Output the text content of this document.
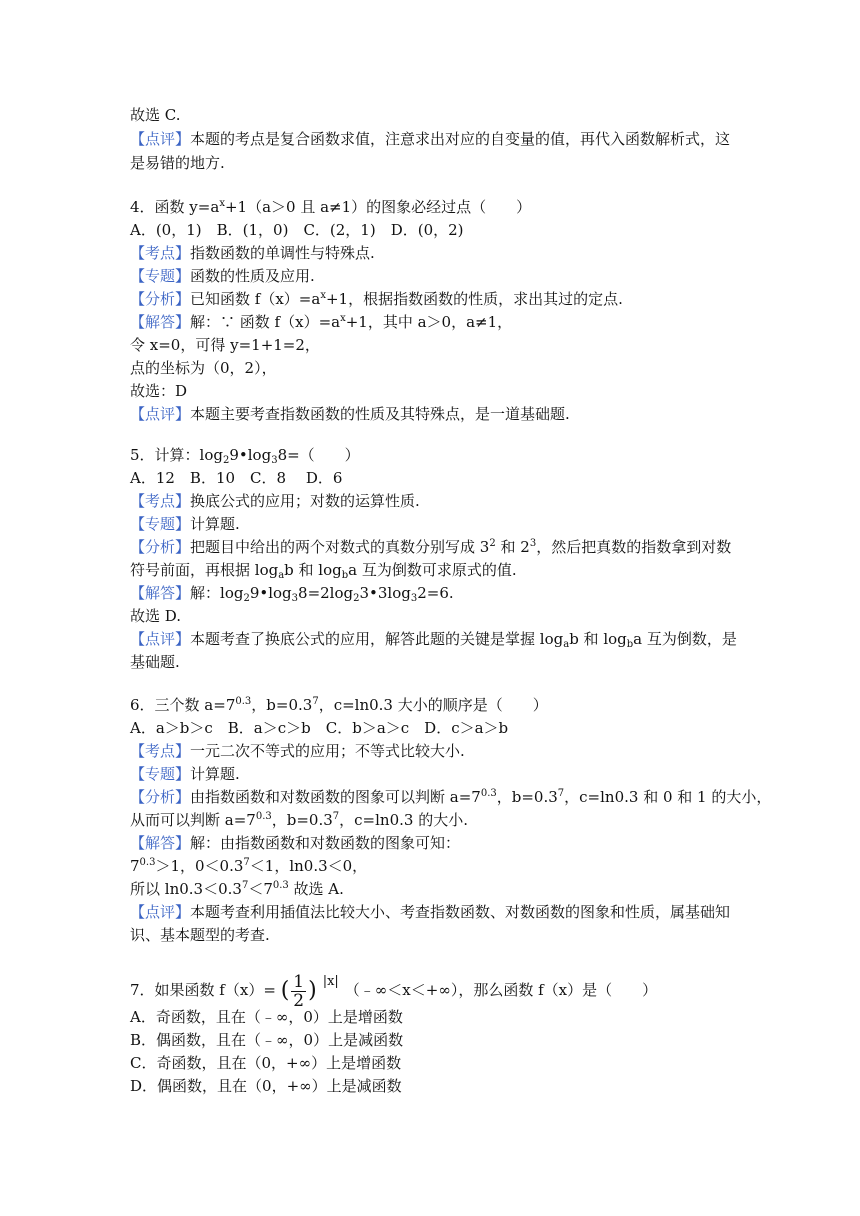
故选 C.
【点评】本题的考点是复合函数求值，注意求出对应的自变量的值，再代入函数解析式，这
是易错的地方.
4．函数 $y=a^x+1(a>0$ 且 a≠1）的图象必经过点（　　）
A．(0，1)　B．(1，0)　C．(2，1)　D．(0，2)
【考点】指数函数的单调性与特殊点.
【专题】函数的性质及应用.
【分析】已知函数 $f(x)=a^x+1$，根据指数函数的性质，求出其过的定点.
【解答】解：∵ 函数 $f(x)=a^x+1$，其中 a＞0，a≠1，
令 x=0，可得 y=1+1=2，
点的坐标为（0，2），
故选：D
【点评】本题主要考查指数函数的性质及其特殊点，是一道基础题.
5．计算：$\log_29•\log_38=$（　　）
A．12　B．10　C．8　 D．6
【考点】换底公式的应用；对数的运算性质.
【专题】计算题.
【分析】把题目中给出的两个对数式的真数分别写成 $3^2$ 和 $2^3$，然后把真数的指数拿到对数
符号前面，再根据 $\log_ab$ 和 $\log_ba$ 互为倒数可求原式的值.
【解答】解：$\log_29•\log_38=2\log_23•3\log_32=6$.
故选 D.
【点评】本题考查了换底公式的应用，解答此题的关键是掌握 $\log_ab$ 和 $\log_ba$ 互为倒数，是
基础题.
6．三个数 $a=7^{0.3}$，$b=0.3^7$，c=ln0.3 大小的顺序是（　　）
A．a＞b＞c　B．a＞c＞b　C．b＞a＞c　D．c＞a＞b
【考点】一元二次不等式的应用；不等式比较大小.
【专题】计算题.
【分析】由指数函数和对数函数的图象可以判断 $a=7^{0.3}$，$b=0.3^7$，c=ln0.3 和 0 和 1 的大小，
从而可以判断 $a=7^{0.3}$，$b=0.3^7$，c=ln0.3 的大小.
【解答】解：由指数函数和对数函数的图象可知：
$7^{0.3}>1$，$0<0.3^7<1$，ln0.3＜0，
所以 $\ln 0.3<0.3^7<7^{0.3}$ 故选 A.
【点评】本题考查利用插值法比较大小、考查指数函数、对数函数的图象和性质，属基础知
识、基本题型的考查.
7．如果函数 f（x）= ( $\frac{1}{2}$ ) |x| （﹣∞＜x＜+∞），那么函数 f（x）是（　　）
A．奇函数，且在（﹣∞，0）上是增函数
B．偶函数，且在（﹣∞，0）上是减函数
C．奇函数，且在（0，+∞）上是增函数
D．偶函数，且在（0，+∞）上是减函数
